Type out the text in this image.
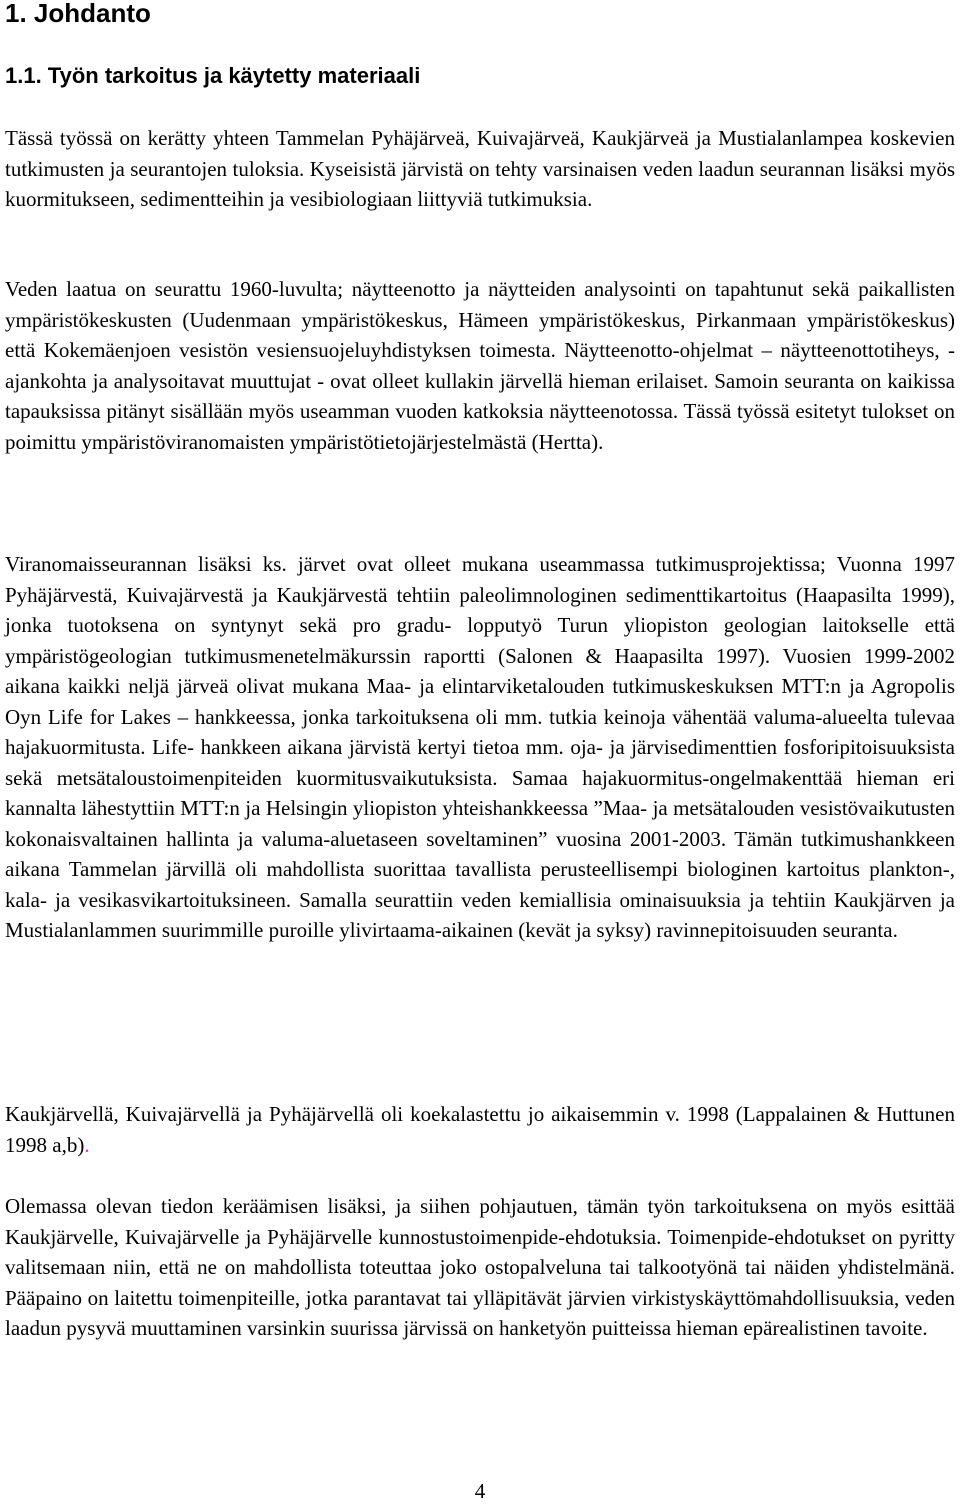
1. Johdanto
1.1. Työn tarkoitus ja käytetty materiaali

Tässä työssä on kerätty yhteen Tammelan Pyhäjärveä, Kuivajärveä, Kaukjärveä ja Mustialanlampea koskevien tutkimusten ja seurantojen tuloksia. Kyseisistä järvistä on tehty varsinaisen veden laadun seurannan lisäksi myös kuormitukseen, sedimentteihin ja vesibiologiaan liittyviä tutkimuksia.

Veden laatua on seurattu 1960-luvulta; näytteenotto ja näytteiden analysointi on tapahtunut sekä paikallisten ympäristökeskusten (Uudenmaan ympäristökeskus, Hämeen ympäristökeskus, Pirkanmaan ympäristökeskus) että Kokemäenjoen vesistön vesiensuojeluyhdistyksen toimesta. Näytteenotto-ohjelmat – näytteenottotiheys, - ajankohta ja analysoitavat muuttujat - ovat olleet kullakin järvellä hieman erilaiset. Samoin seuranta on kaikissa tapauksissa pitänyt sisällään myös useamman vuoden katkoksia näytteenotossa. Tässä työssä esitetyt tulokset on poimittu ympäristöviranomaisten ympäristötietojärjestelmästä (Hertta).

Viranomaisseurannan lisäksi ks. järvet ovat olleet mukana useammassa tutkimusprojektissa; Vuonna 1997 Pyhäjärvestä, Kuivajärvestä ja Kaukjärvestä tehtiin paleolimnologinen sedimenttikartoitus (Haapasilta 1999), jonka tuotoksena on syntynyt sekä pro gradu- lopputyö Turun yliopiston geologian laitokselle että ympäristögeologian tutkimusmenetelmäkurssin raportti (Salonen & Haapasilta 1997). Vuosien 1999-2002 aikana kaikki neljä järveä olivat mukana Maa- ja elintarviketalouden tutkimuskeskuksen MTT:n ja Agropolis Oyn Life for Lakes – hankkeessa, jonka tarkoituksena oli mm. tutkia keinoja vähentää valuma-alueelta tulevaa hajakuormitusta. Life- hankkeen aikana järvistä kertyi tietoa mm. oja- ja järvisedimenttien fosforipitoisuuksista sekä metsätaloustoimenpiteiden kuormitusvaikutuksista. Samaa hajakuormitus-ongelmakenttää hieman eri kannalta lähestyttiin MTT:n ja Helsingin yliopiston yhteishankkeessa ”Maa- ja metsätalouden vesistövaikutusten kokonaisvaltainen hallinta ja valuma-aluetaseen soveltaminen” vuosina 2001-2003. Tämän tutkimushankkeen aikana Tammelan järvillä oli mahdollista suorittaa tavallista perusteellisempi biologinen kartoitus plankton-, kala- ja vesikasvikartoituksineen. Samalla seurattiin veden kemiallisia ominaisuuksia ja tehtiin Kaukjärven ja Mustialanlammen suurimmille puroille ylivirtaama-aikainen (kevät ja syksy) ravinnepitoisuuden seuranta.

Kaukjärvellä, Kuivajärvellä ja Pyhäjärvellä oli koekalastettu jo aikaisemmin v. 1998 (Lappalainen & Huttunen 1998 a,b).

Olemassa olevan tiedon keräämisen lisäksi, ja siihen pohjautuen, tämän työn tarkoituksena on myös esittää Kaukjärvelle, Kuivajärvelle ja Pyhäjärvelle kunnostustoimenpide-ehdotuksia. Toimenpide-ehdotukset on pyritty valitsemaan niin, että ne on mahdollista toteuttaa joko ostopalveluna tai talkootyönä tai näiden yhdistelmänä. Pääpaino on laitettu toimenpiteille, jotka parantavat tai ylläpitävät järvien virkistyskäyttömahdollisuuksia, veden laadun pysyvä muuttaminen varsinkin suurissa järvissä on hanketyön puitteissa hieman epärealistinen tavoite.

4
